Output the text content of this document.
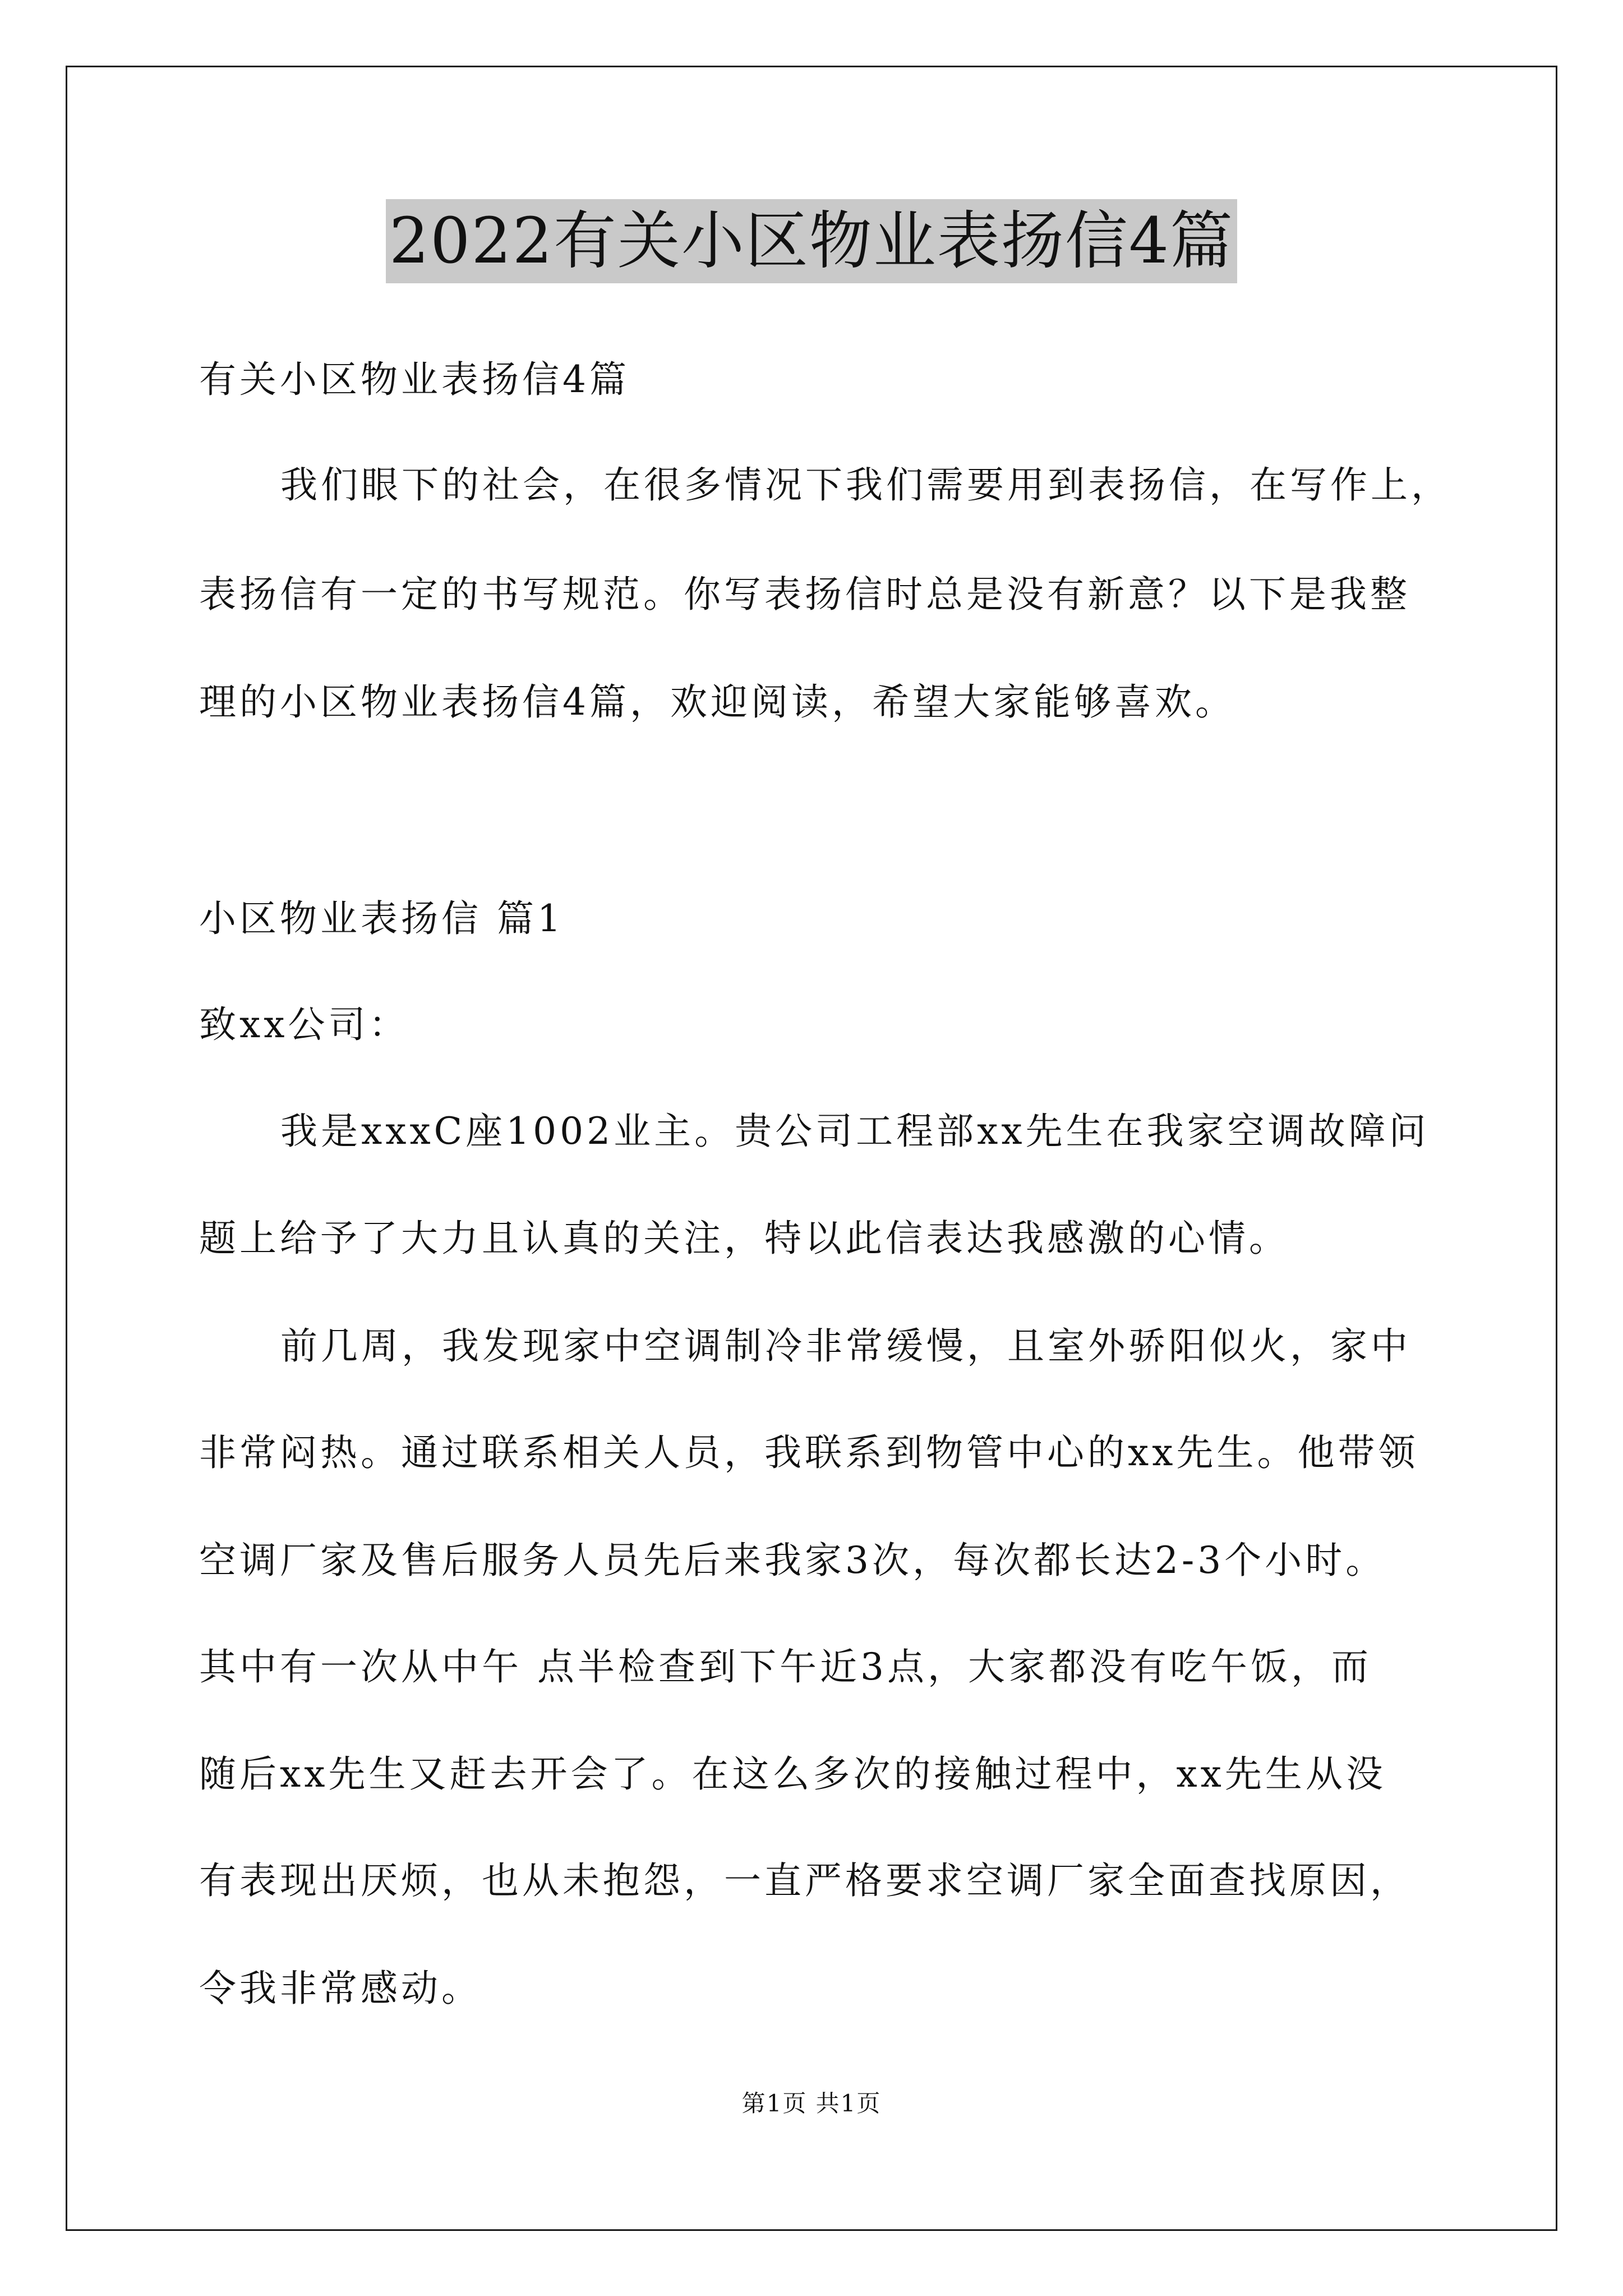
2022有关小区物业表扬信4篇
有关小区物业表扬信4篇
我们眼下的社会，在很多情况下我们需要用到表扬信，在写作上，
表扬信有一定的书写规范。你写表扬信时总是没有新意？以下是我整
理的小区物业表扬信4篇，欢迎阅读，希望大家能够喜欢。
小区物业表扬信 篇1
致xx公司：
我是xxxC座1002业主。贵公司工程部xx先生在我家空调故障问
题上给予了大力且认真的关注，特以此信表达我感激的心情。
前几周，我发现家中空调制冷非常缓慢，且室外骄阳似火，家中
非常闷热。通过联系相关人员，我联系到物管中心的xx先生。他带领
空调厂家及售后服务人员先后来我家3次，每次都长达2-3个小时。
其中有一次从中午 点半检查到下午近3点，大家都没有吃午饭，而
随后xx先生又赶去开会了。在这么多次的接触过程中，xx先生从没
有表现出厌烦，也从未抱怨，一直严格要求空调厂家全面查找原因，
令我非常感动。
第1页 共1页
